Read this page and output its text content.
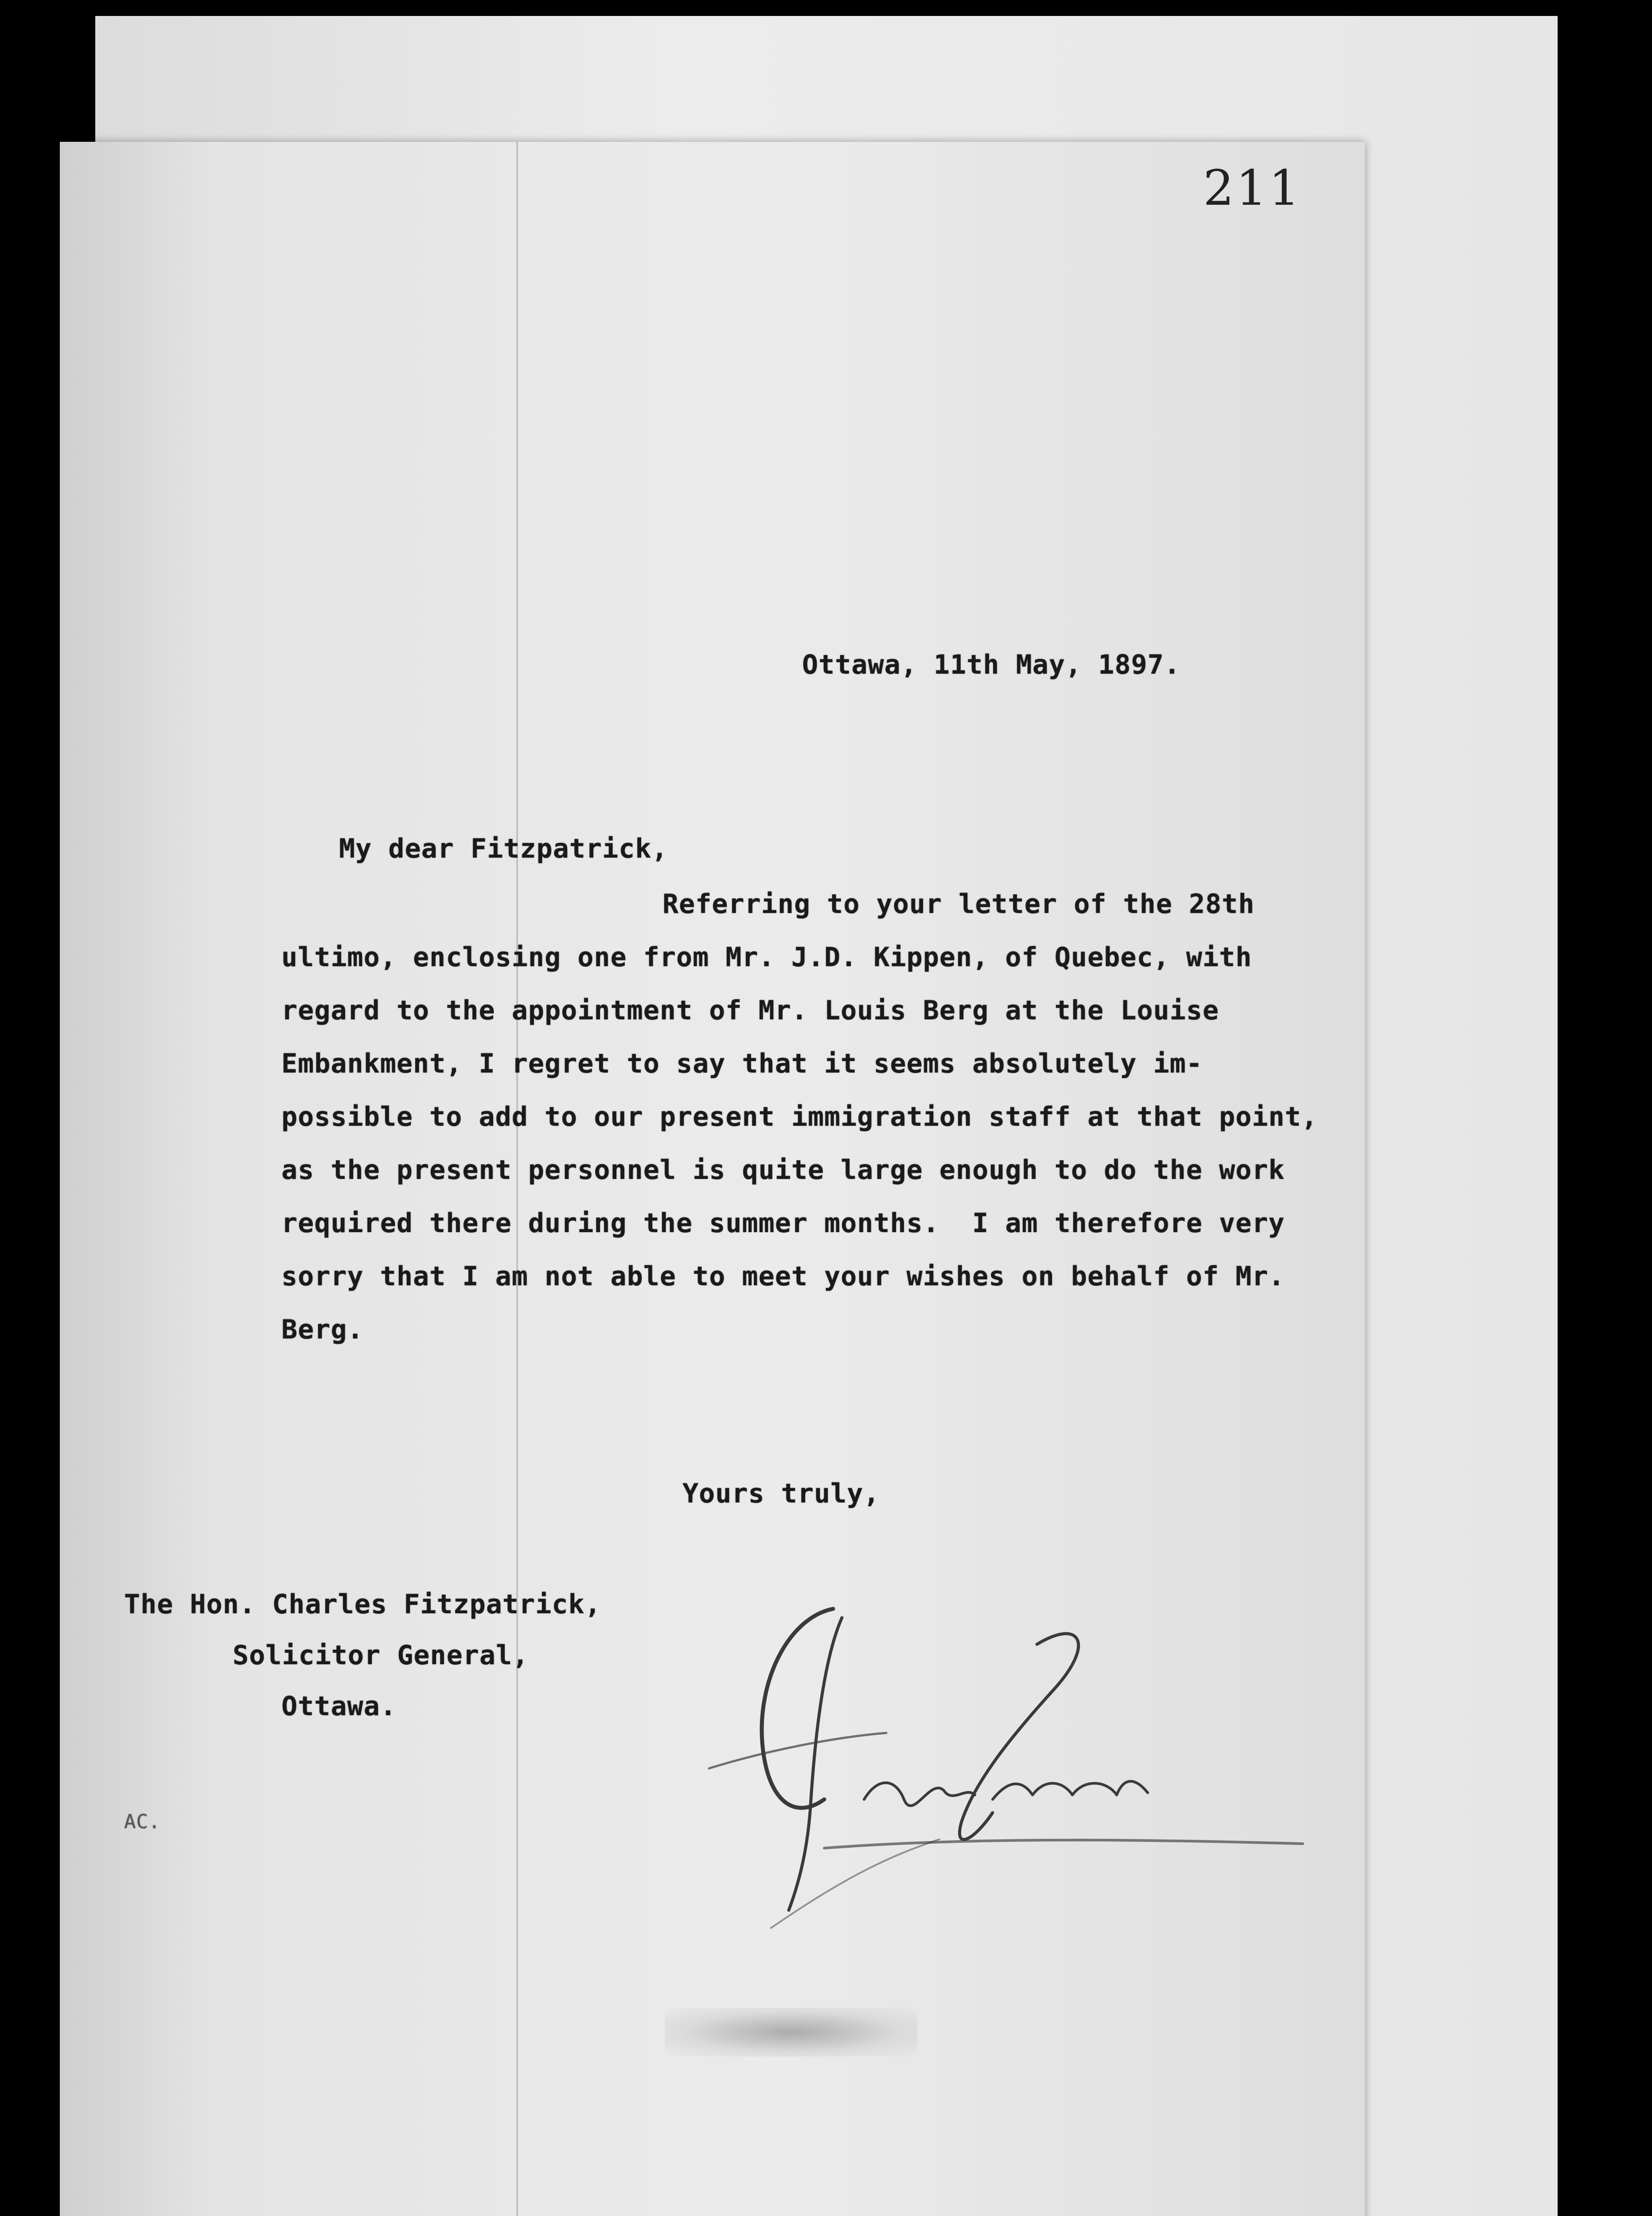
211
Ottawa, 11th May, 1897.
My dear Fitzpatrick,
Referring to your letter of the 28th
ultimo, enclosing one from Mr. J.D. Kippen, of Quebec, with
regard to the appointment of Mr. Louis Berg at the Louise
Embankment, I regret to say that it seems absolutely im-
possible to add to our present immigration staff at that point,
as the present personnel is quite large enough to do the work
required there during the summer months.  I am therefore very
sorry that I am not able to meet your wishes on behalf of Mr.
Berg.
Yours truly,
The Hon. Charles Fitzpatrick,
Solicitor General,
Ottawa.
AC.
